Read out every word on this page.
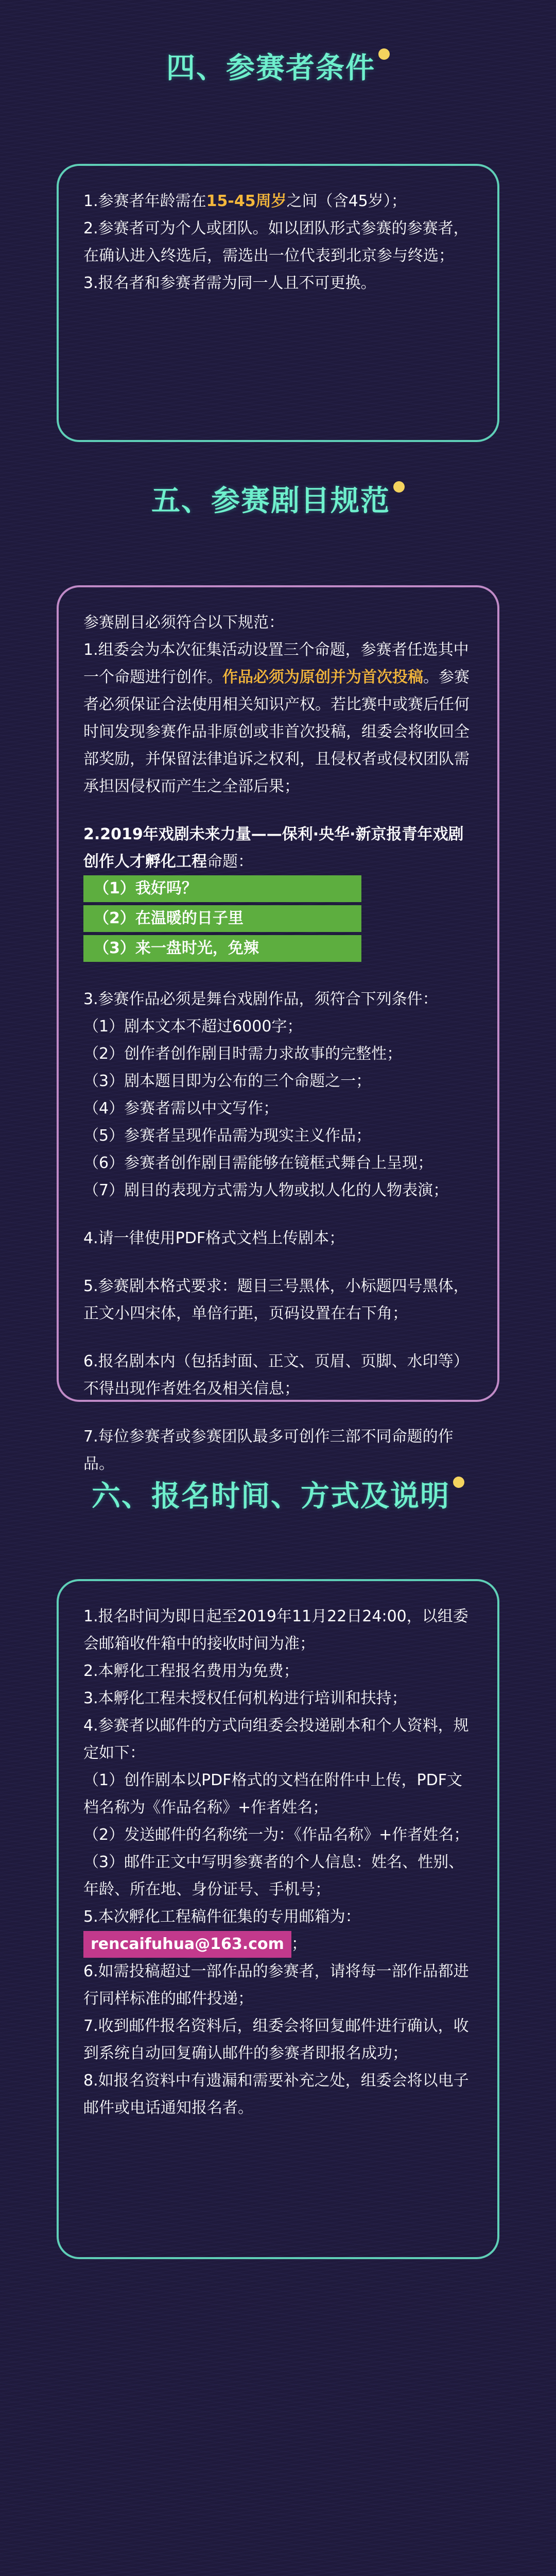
四、参赛者条件

1.参赛者年龄需在15-45周岁之间（含45岁）；

2.参赛者可为个人或团队。如以团队形式参赛的参赛者，在确认进入终选后，需选出一位代表到北京参与终选；

3.报名者和参赛者需为同一人且不可更换。

五、参赛剧目规范

参赛剧目必须符合以下规范：

1.组委会为本次征集活动设置三个命题，参赛者任选其中一个命题进行创作。作品必须为原创并为首次投稿。参赛者必须保证合法使用相关知识产权。若比赛中或赛后任何时间发现参赛作品非原创或非首次投稿，组委会将收回全部奖励，并保留法律追诉之权利，且侵权者或侵权团队需承担因侵权而产生之全部后果；

2.2019年戏剧未来力量——保利·央华·新京报青年戏剧创作人才孵化工程命题：

（1）我好吗？
（2）在温暖的日子里
（3）来一盘时光，免辣

3.参赛作品必须是舞台戏剧作品，须符合下列条件：

（1）剧本文本不超过6000字；

（2）创作者创作剧目时需力求故事的完整性；

（3）剧本题目即为公布的三个命题之一；

（4）参赛者需以中文写作；

（5）参赛者呈现作品需为现实主义作品；

（6）参赛者创作剧目需能够在镜框式舞台上呈现；

（7）剧目的表现方式需为人物或拟人化的人物表演；

4.请一律使用PDF格式文档上传剧本；

5.参赛剧本格式要求：题目三号黑体，小标题四号黑体，正文小四宋体，单倍行距，页码设置在右下角；

6.报名剧本内（包括封面、正文、页眉、页脚、水印等）不得出现作者姓名及相关信息；

7.每位参赛者或参赛团队最多可创作三部不同命题的作品。

六、报名时间、方式及说明

1.报名时间为即日起至2019年11月22日24:00，以组委会邮箱收件箱中的接收时间为准；

2.本孵化工程报名费用为免费；

3.本孵化工程未授权任何机构进行培训和扶持；

4.参赛者以邮件的方式向组委会投递剧本和个人资料，规定如下：

（1）创作剧本以PDF格式的文档在附件中上传，PDF文档名称为《作品名称》+作者姓名；

（2）发送邮件的名称统一为：《作品名称》+作者姓名；

（3）邮件正文中写明参赛者的个人信息：姓名、性别、年龄、所在地、身份证号、手机号；

5.本次孵化工程稿件征集的专用邮箱为：

rencaifuhua@163.com ；

6.如需投稿超过一部作品的参赛者，请将每一部作品都进行同样标准的邮件投递；

7.收到邮件报名资料后，组委会将回复邮件进行确认，收到系统自动回复确认邮件的参赛者即报名成功；

8.如报名资料中有遗漏和需要补充之处，组委会将以电子邮件或电话通知报名者。
